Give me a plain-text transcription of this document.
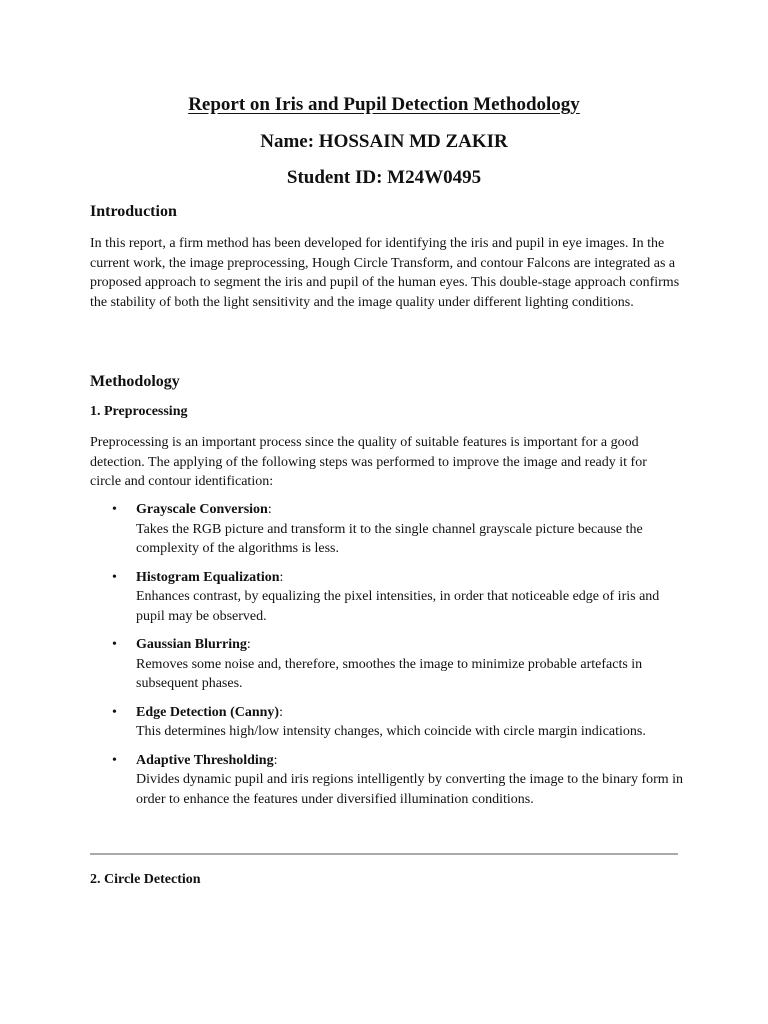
Report on Iris and Pupil Detection Methodology
Name: HOSSAIN MD ZAKIR
Student ID: M24W0495
Introduction

In this report, a firm method has been developed for identifying the iris and pupil in eye images. In the current work, the image preprocessing, Hough Circle Transform, and contour Falcons are integrated as a proposed approach to segment the iris and pupil of the human eyes. This double-stage approach confirms the stability of both the light sensitivity and the image quality under different lighting conditions.

Methodology
1. Preprocessing

Preprocessing is an important process since the quality of suitable features is important for a good detection. The applying of the following steps was performed to improve the image and ready it for circle and contour identification:

• Grayscale Conversion:
Takes the RGB picture and transform it to the single channel grayscale picture because the complexity of the algorithms is less.
• Histogram Equalization:
Enhances contrast, by equalizing the pixel intensities, in order that noticeable edge of iris and pupil may be observed.
• Gaussian Blurring:
Removes some noise and, therefore, smoothes the image to minimize probable artefacts in subsequent phases.
• Edge Detection (Canny):
This determines high/low intensity changes, which coincide with circle margin indications.
• Adaptive Thresholding:
Divides dynamic pupil and iris regions intelligently by converting the image to the binary form in order to enhance the features under diversified illumination conditions.
2. Circle Detection
